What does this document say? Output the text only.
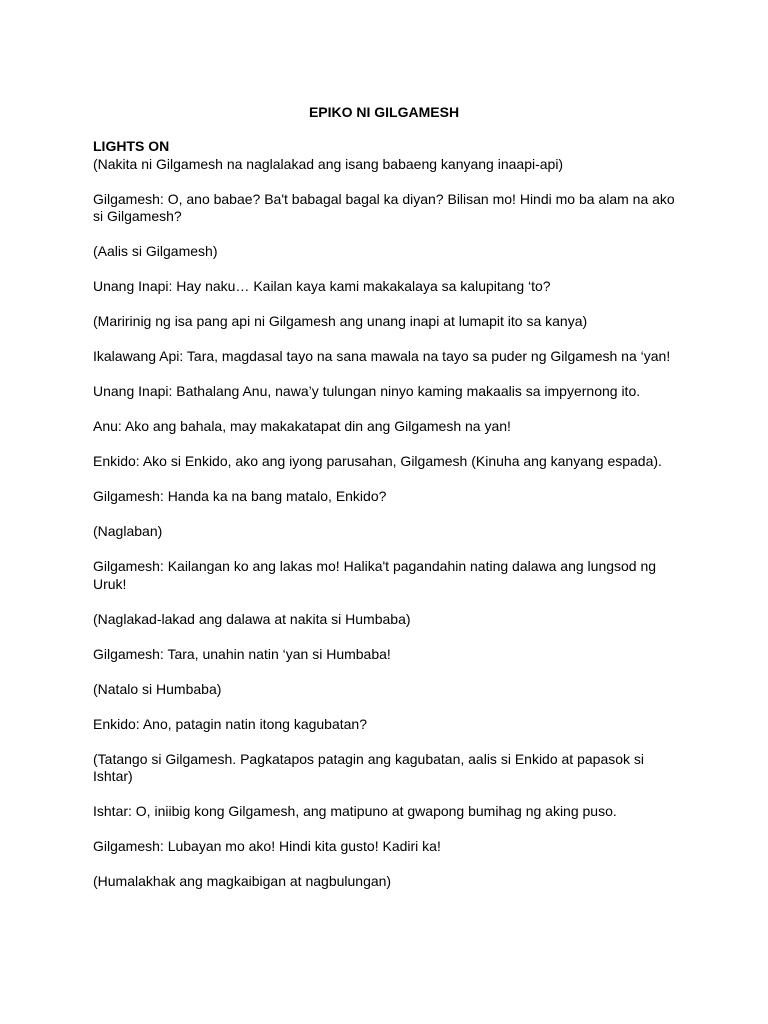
EPIKO NI GILGAMESH

LIGHTS ON

(Nakita ni Gilgamesh na naglalakad ang isang babaeng kanyang inaapi-api)

Gilgamesh: O, ano babae? Ba't babagal bagal ka diyan? Bilisan mo! Hindi mo ba alam na ako si Gilgamesh?

(Aalis si Gilgamesh)

Unang Inapi: Hay naku… Kailan kaya kami makakalaya sa kalupitang ‘to?

(Maririnig ng isa pang api ni Gilgamesh ang unang inapi at lumapit ito sa kanya)

Ikalawang Api: Tara, magdasal tayo na sana mawala na tayo sa puder ng Gilgamesh na ‘yan!

Unang Inapi: Bathalang Anu, nawa’y tulungan ninyo kaming makaalis sa impyernong ito.

Anu: Ako ang bahala, may makakatapat din ang Gilgamesh na yan!

Enkido: Ako si Enkido, ako ang iyong parusahan, Gilgamesh (Kinuha ang kanyang espada).

Gilgamesh: Handa ka na bang matalo, Enkido?

(Naglaban)

Gilgamesh: Kailangan ko ang lakas mo! Halika't pagandahin nating dalawa ang lungsod ng Uruk!

(Naglakad-lakad ang dalawa at nakita si Humbaba)

Gilgamesh: Tara, unahin natin ‘yan si Humbaba!

(Natalo si Humbaba)

Enkido: Ano, patagin natin itong kagubatan?

(Tatango si Gilgamesh. Pagkatapos patagin ang kagubatan, aalis si Enkido at papasok si Ishtar)

Ishtar: O, iniibig kong Gilgamesh, ang matipuno at gwapong bumihag ng aking puso.

Gilgamesh: Lubayan mo ako! Hindi kita gusto! Kadiri ka!

(Humalakhak ang magkaibigan at nagbulungan)
